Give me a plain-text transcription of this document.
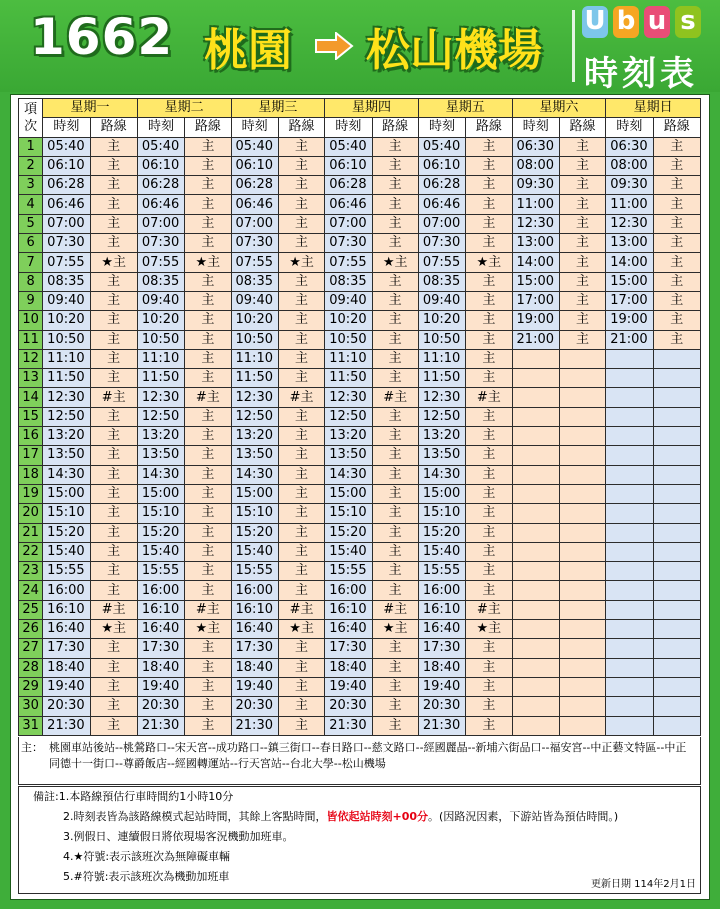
1662 桃園 松山機場
U b u s
時刻表
項次	星期一		星期二		星期三		星期四		星期五		星期六		星期日	
	時刻	路線	時刻	路線	時刻	路線	時刻	路線	時刻	路線	時刻	路線	時刻	路線
1	05:40	主	05:40	主	05:40	主	05:40	主	05:40	主	06:30	主	06:30	主
2	06:10	主	06:10	主	06:10	主	06:10	主	06:10	主	08:00	主	08:00	主
3	06:28	主	06:28	主	06:28	主	06:28	主	06:28	主	09:30	主	09:30	主
4	06:46	主	06:46	主	06:46	主	06:46	主	06:46	主	11:00	主	11:00	主
5	07:00	主	07:00	主	07:00	主	07:00	主	07:00	主	12:30	主	12:30	主
6	07:30	主	07:30	主	07:30	主	07:30	主	07:30	主	13:00	主	13:00	主
7	07:55	★主	07:55	★主	07:55	★主	07:55	★主	07:55	★主	14:00	主	14:00	主
8	08:35	主	08:35	主	08:35	主	08:35	主	08:35	主	15:00	主	15:00	主
9	09:40	主	09:40	主	09:40	主	09:40	主	09:40	主	17:00	主	17:00	主
10	10:20	主	10:20	主	10:20	主	10:20	主	10:20	主	19:00	主	19:00	主
11	10:50	主	10:50	主	10:50	主	10:50	主	10:50	主	21:00	主	21:00	主
12	11:10	主	11:10	主	11:10	主	11:10	主	11:10	主				
13	11:50	主	11:50	主	11:50	主	11:50	主	11:50	主				
14	12:30	#主	12:30	#主	12:30	#主	12:30	#主	12:30	#主				
15	12:50	主	12:50	主	12:50	主	12:50	主	12:50	主				
16	13:20	主	13:20	主	13:20	主	13:20	主	13:20	主				
17	13:50	主	13:50	主	13:50	主	13:50	主	13:50	主				
18	14:30	主	14:30	主	14:30	主	14:30	主	14:30	主				
19	15:00	主	15:00	主	15:00	主	15:00	主	15:00	主				
20	15:10	主	15:10	主	15:10	主	15:10	主	15:10	主				
21	15:20	主	15:20	主	15:20	主	15:20	主	15:20	主				
22	15:40	主	15:40	主	15:40	主	15:40	主	15:40	主				
23	15:55	主	15:55	主	15:55	主	15:55	主	15:55	主				
24	16:00	主	16:00	主	16:00	主	16:00	主	16:00	主				
25	16:10	#主	16:10	#主	16:10	#主	16:10	#主	16:10	#主				
26	16:40	★主	16:40	★主	16:40	★主	16:40	★主	16:40	★主				
27	17:30	主	17:30	主	17:30	主	17:30	主	17:30	主				
28	18:40	主	18:40	主	18:40	主	18:40	主	18:40	主				
29	19:40	主	19:40	主	19:40	主	19:40	主	19:40	主				
30	20:30	主	20:30	主	20:30	主	20:30	主	20:30	主				
31	21:30	主	21:30	主	21:30	主	21:30	主	21:30	主				
主： 桃園車站後站--桃鶯路口--宋天宮--成功路口--鎮三街口--春日路口--慈文路口--經國麗晶--新埔六街品口--福安宮--中正藝文特區--中正同德十一街口--尊爵飯店--經國轉運站--行天宮站--台北大學--松山機場
備註:1.本路線預估行車時間約1小時10分
2.時刻表皆為該路線模式起站時間，其餘上客點時間，皆依起站時刻+00分。(因路況因素，下游站皆為預估時間。)
3.例假日、連續假日將依現場客況機動加班車。
4.★符號:表示該班次為無障礙車輛
5.#符號:表示該班次為機動加班車
更新日期 114年2月1日
